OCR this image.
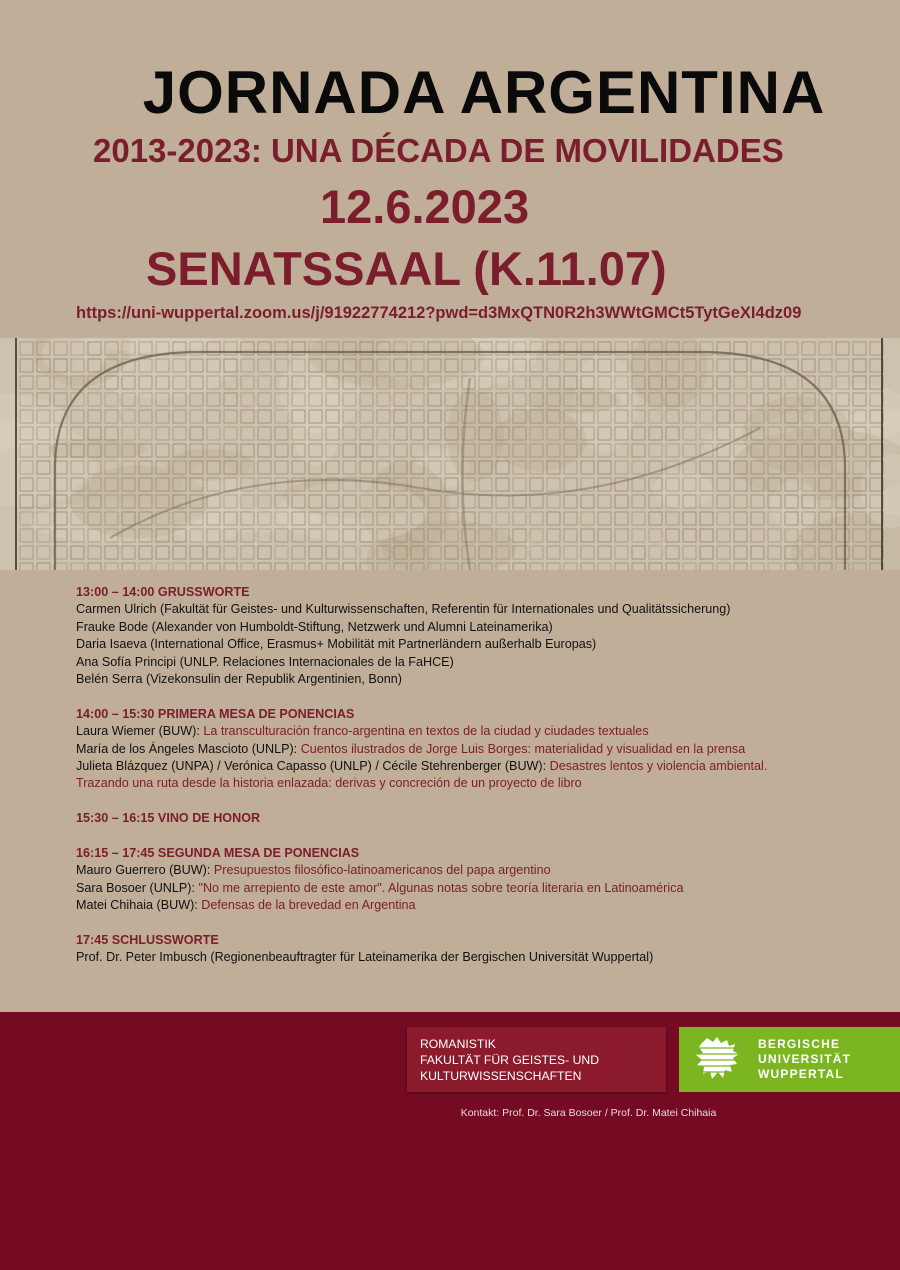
JORNADA ARGENTINA
2013-2023: UNA DÉCADA DE MOVILIDADES
12.6.2023
SENATSSAAL (K.11.07)
https://uni-wuppertal.zoom.us/j/91922774212?pwd=d3MxQTN0R2h3WWtGMCt5TytGeXI4dz09
13:00 – 14:00 GRUSSWORTE
Carmen Ulrich (Fakultät für Geistes- und Kulturwissenschaften, Referentin für Internationales und Qualitätssicherung)
Frauke Bode (Alexander von Humboldt-Stiftung, Netzwerk und Alumni Lateinamerika)
Daria Isaeva (International Office, Erasmus+ Mobilität mit Partnerländern außerhalb Europas)
Ana Sofía Principi (UNLP. Relaciones Internacionales de la FaHCE)
Belén Serra (Vizekonsulin der Republik Argentinien, Bonn)
14:00 – 15:30 PRIMERA MESA DE PONENCIAS
Laura Wiemer (BUW): La transculturación franco-argentina en textos de la ciudad y ciudades textuales
María de los Ángeles Mascioto (UNLP): Cuentos ilustrados de Jorge Luis Borges: materialidad y visualidad en la prensa
Julieta Blázquez (UNPA) / Verónica Capasso (UNLP) / Cécile Stehrenberger (BUW): Desastres lentos y violencia ambiental.
Trazando una ruta desde la historia enlazada: derivas y concreción de un proyecto de libro
15:30 – 16:15 VINO DE HONOR
16:15 – 17:45 SEGUNDA MESA DE PONENCIAS
Mauro Guerrero (BUW): Presupuestos filosófico-latinoamericanos del papa argentino
Sara Bosoer (UNLP): "No me arrepiento de este amor". Algunas notas sobre teoría literaria en Latinoamérica
Matei Chihaia (BUW): Defensas de la brevedad en Argentina
17:45 SCHLUSSWORTE
Prof. Dr. Peter Imbusch (Regionenbeauftragter für Lateinamerika der Bergischen Universität Wuppertal)
ROMANISTIK
FAKULTÄT FÜR GEISTES- UND
KULTURWISSENSCHAFTEN
BERGISCHE
UNIVERSITÄT
WUPPERTAL
Kontakt: Prof. Dr. Sara Bosoer / Prof. Dr. Matei Chihaia
